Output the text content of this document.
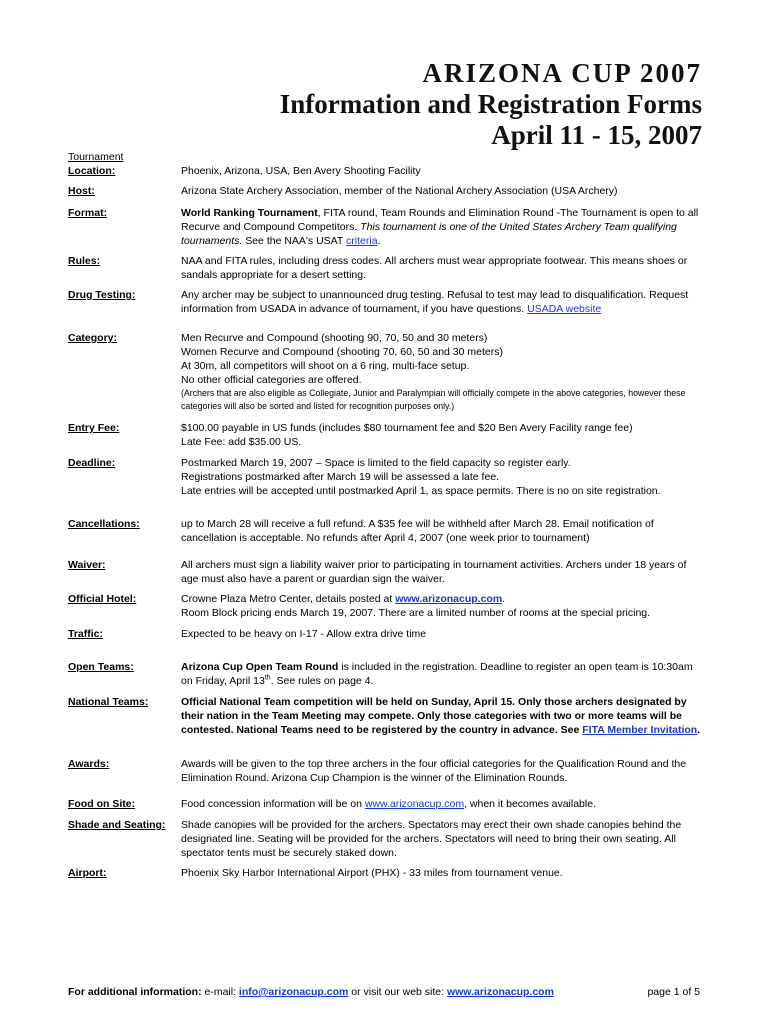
ARIZONA CUP 2007
Information and Registration Forms
April 11 - 15, 2007
Tournament
Location:	Phoenix, Arizona, USA, Ben Avery Shooting Facility
Host:	Arizona State Archery Association, member of the National Archery Association (USA Archery)
Format:	World Ranking Tournament, FITA round, Team Rounds and Elimination Round -The Tournament is open to all Recurve and Compound Competitors. This tournament is one of the United States Archery Team qualifying tournaments. See the NAA's USAT criteria.
Rules:	NAA and FITA rules, including dress codes. All archers must wear appropriate footwear. This means shoes or sandals appropriate for a desert setting.
Drug Testing:	Any archer may be subject to unannounced drug testing. Refusal to test may lead to disqualification. Request information from USADA in advance of tournament, if you have questions. USADA website
Category:	Men Recurve and Compound (shooting 90, 70, 50 and 30 meters)
Women Recurve and Compound (shooting 70, 60, 50 and 30 meters)
At 30m, all competitors will shoot on a 6 ring, multi-face setup.
No other official categories are offered.
(Archers that are also eligible as Collegiate, Junior and Paralympian will officially compete in the above categories, however these categories will also be sorted and listed for recognition purposes only.)
Entry Fee:	$100.00 payable in US funds (includes $80 tournament fee and $20 Ben Avery Facility range fee)
Late Fee: add $35.00 US.
Deadline:	Postmarked March 19, 2007 – Space is limited to the field capacity so register early.
Registrations postmarked after March 19 will be assessed a late fee.
Late entries will be accepted until postmarked April 1, as space permits. There is no on site registration.
Cancellations:	up to March 28 will receive a full refund. A $35 fee will be withheld after March 28. Email notification of cancellation is acceptable. No refunds after April 4, 2007 (one week prior to tournament)
Waiver:	All archers must sign a liability waiver prior to participating in tournament activities. Archers under 18 years of age must also have a parent or guardian sign the waiver.
Official Hotel:	Crowne Plaza Metro Center, details posted at www.arizonacup.com.
Room Block pricing ends March 19, 2007. There are a limited number of rooms at the special pricing.
Traffic:	Expected to be heavy on I-17 - Allow extra drive time
Open Teams:	Arizona Cup Open Team Round is included in the registration. Deadline to register an open team is 10:30am on Friday, April 13th. See rules on page 4.
National Teams:	Official National Team competition will be held on Sunday, April 15. Only those archers designated by their nation in the Team Meeting may compete. Only those categories with two or more teams will be contested. National Teams need to be registered by the country in advance. See FITA Member Invitation.
Awards:	Awards will be given to the top three archers in the four official categories for the Qualification Round and the Elimination Round. Arizona Cup Champion is the winner of the Elimination Rounds.
Food on Site:	Food concession information will be on www.arizonacup.com, when it becomes available.
Shade and Seating:	Shade canopies will be provided for the archers. Spectators may erect their own shade canopies behind the designated line. Seating will be provided for the archers. Spectators will need to bring their own seating. All spectator tents must be securely staked down.
Airport:	Phoenix Sky Harbor International Airport (PHX) - 33 miles from tournament venue.
For additional information: e-mail: info@arizonacup.com or visit our web site: www.arizonacup.com	page 1 of 5
